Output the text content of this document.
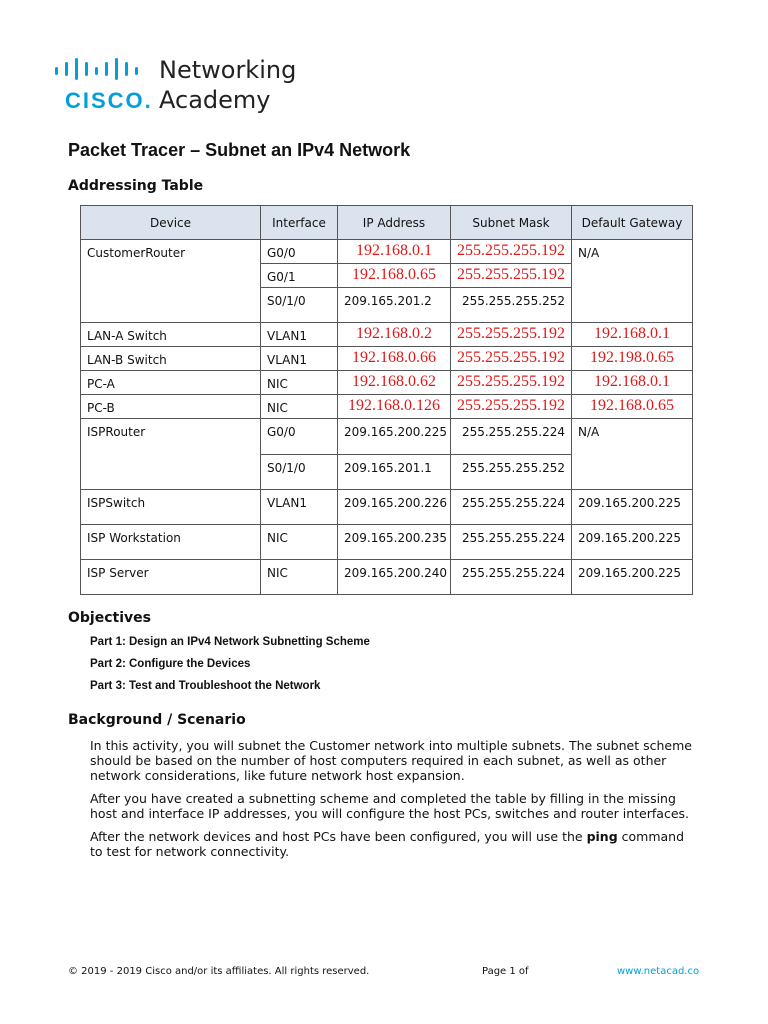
CISCO.
Networking
Academy
Packet Tracer – Subnet an IPv4 Network
Addressing Table
Device	Interface	IP Address	Subnet Mask	Default Gateway
CustomerRouter	G0/0	192.168.0.1	255.255.255.192	N/A
	G0/1	192.168.0.65	255.255.255.192	

	S0/1/0	209.165.201.2	255.255.255.252	
LAN-A Switch	VLAN1	192.168.0.2	255.255.255.192	192.168.0.1

LAN-B Switch	VLAN1	192.168.0.66	255.255.255.192	192.198.0.65

PC-A	NIC	192.168.0.62	255.255.255.192	192.168.0.1

PC-B	NIC	192.168.0.126	255.255.255.192	192.168.0.65

ISPRouter	G0/0	209.165.200.225	255.255.255.224	N/A
	S0/1/0	209.165.201.1	255.255.255.252	
ISPSwitch	VLAN1	209.165.200.226	255.255.255.224	209.165.200.225
ISP Workstation	NIC	209.165.200.235	255.255.255.224	209.165.200.225
ISP Server	NIC	209.165.200.240	255.255.255.224	209.165.200.225
Objectives
Part 1: Design an IPv4 Network Subnetting Scheme
Part 2: Configure the Devices
Part 3: Test and Troubleshoot the Network
Background / Scenario
In this activity, you will subnet the Customer network into multiple subnets. The subnet scheme should be based on the number of host computers required in each subnet, as well as other network considerations, like future network host expansion.
After you have created a subnetting scheme and completed the table by filling in the missing host and interface IP addresses, you will configure the host PCs, switches and router interfaces.
After the network devices and host PCs have been configured, you will use the ping command to test for network connectivity.
© 2019 - 2019 Cisco and/or its affiliates. All rights reserved.	Page 1 of	www.netacad.co
